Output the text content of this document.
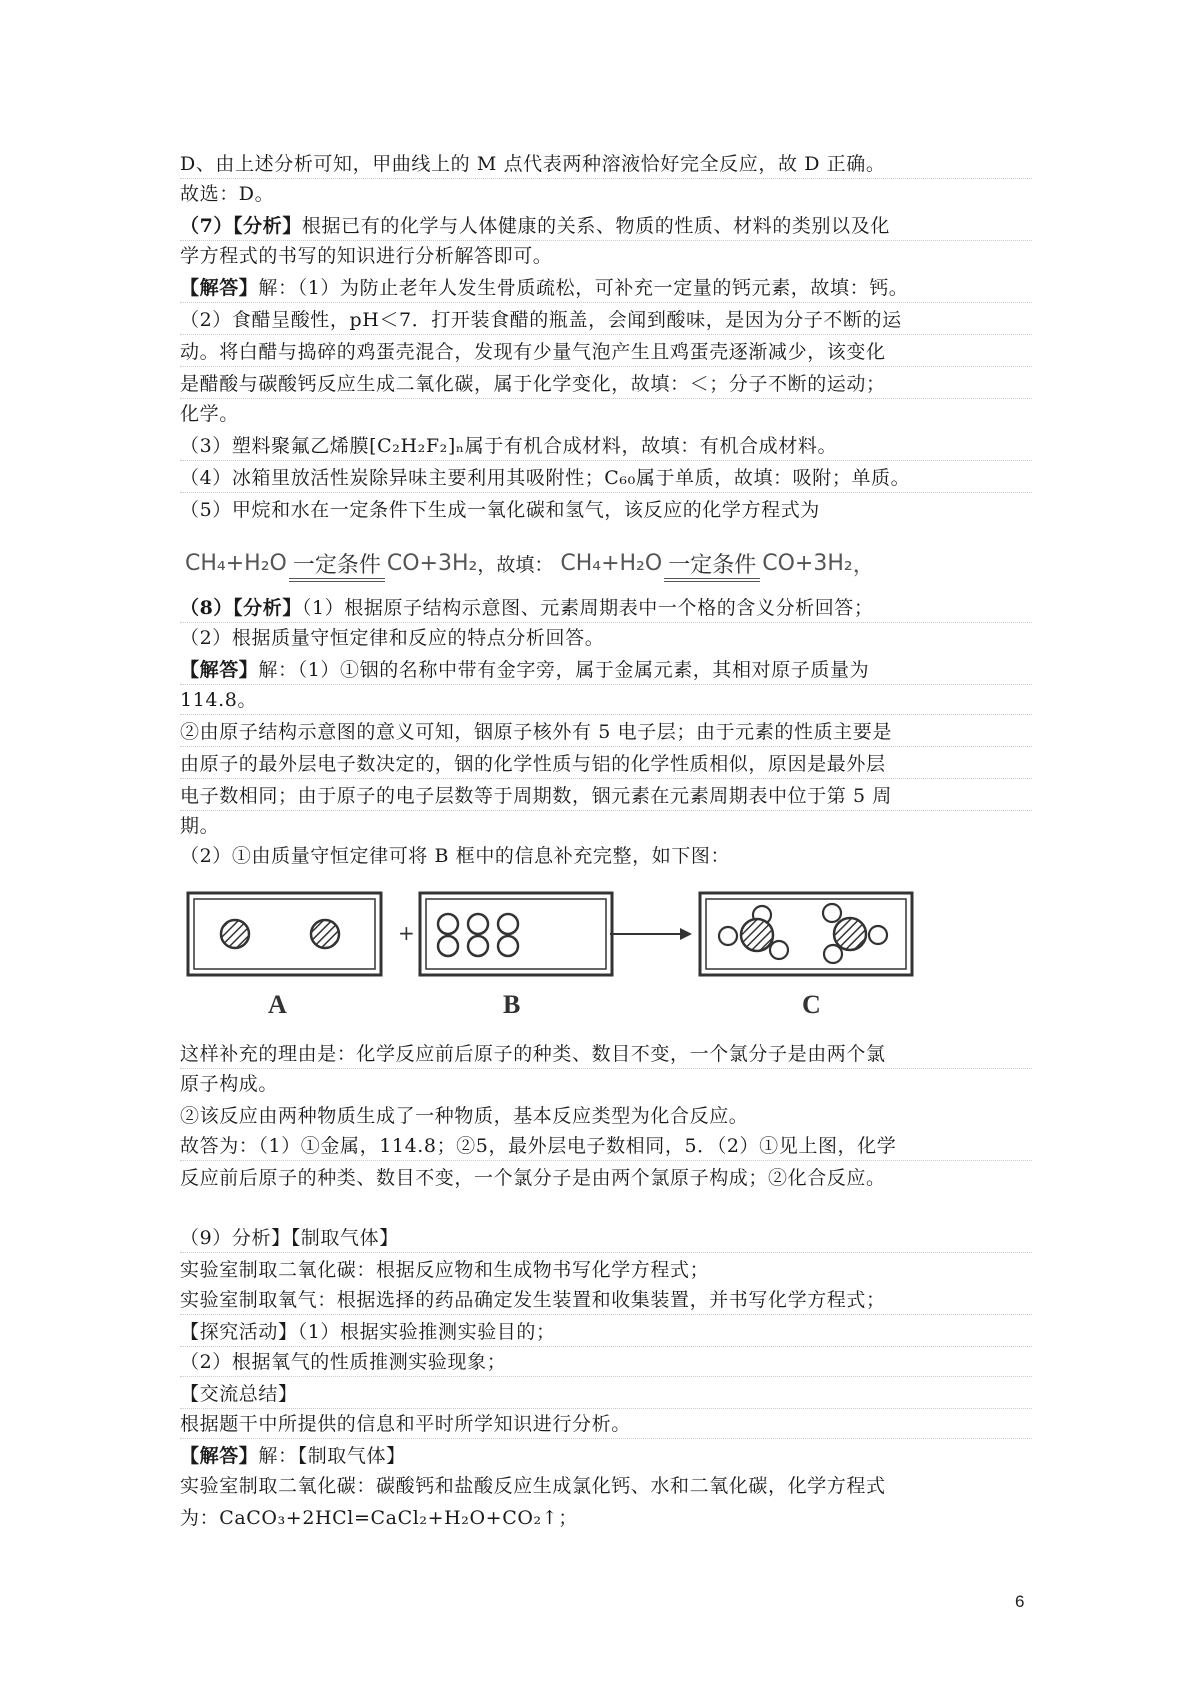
D、由上述分析可知，甲曲线上的 M 点代表两种溶液恰好完全反应，故 D 正确。
故选：D。
（7）【分析】根据已有的化学与人体健康的关系、物质的性质、材料的类别以及化
学方程式的书写的知识进行分析解答即可。
【解答】解：（1）为防止老年人发生骨质疏松，可补充一定量的钙元素，故填：钙。
（2）食醋呈酸性，pH＜7．打开装食醋的瓶盖，会闻到酸味，是因为分子不断的运
动。将白醋与捣碎的鸡蛋壳混合，发现有少量气泡产生且鸡蛋壳逐渐减少，该变化
是醋酸与碳酸钙反应生成二氧化碳，属于化学变化，故填：＜；分子不断的运动；
化学。
（3）塑料聚氟乙烯膜[C₂H₂F₂]ₙ属于有机合成材料，故填：有机合成材料。
（4）冰箱里放活性炭除异味主要利用其吸附性；C₆₀属于单质，故填：吸附；单质。
（5）甲烷和水在一定条件下生成一氧化碳和氢气，该反应的化学方程式为
CH₄+H₂O 一定条件 CO+3H₂，故填： CH₄+H₂O 一定条件 CO+3H₂，
（8）【分析】（1）根据原子结构示意图、元素周期表中一个格的含义分析回答；
（2）根据质量守恒定律和反应的特点分析回答。
【解答】解：（1）①铟的名称中带有金字旁，属于金属元素，其相对原子质量为
114.8。
②由原子结构示意图的意义可知，铟原子核外有 5 电子层；由于元素的性质主要是
由原子的最外层电子数决定的，铟的化学性质与铝的化学性质相似，原因是最外层
电子数相同；由于原子的电子层数等于周期数，铟元素在元素周期表中位于第 5 周
期。
（2）①由质量守恒定律可将 B 框中的信息补充完整，如下图：
+
A	B	C
这样补充的理由是：化学反应前后原子的种类、数目不变，一个氯分子是由两个氯
原子构成。
②该反应由两种物质生成了一种物质，基本反应类型为化合反应。
故答为：（1）①金属，114.8；②5，最外层电子数相同，5．（2）①见上图，化学
反应前后原子的种类、数目不变，一个氯分子是由两个氯原子构成；②化合反应。
（9）分析】【制取气体】
实验室制取二氧化碳：根据反应物和生成物书写化学方程式；
实验室制取氧气：根据选择的药品确定发生装置和收集装置，并书写化学方程式；
【探究活动】（1）根据实验推测实验目的；
（2）根据氧气的性质推测实验现象；
【交流总结】
根据题干中所提供的信息和平时所学知识进行分析。
【解答】解：【制取气体】
实验室制取二氧化碳：碳酸钙和盐酸反应生成氯化钙、水和二氧化碳，化学方程式
为：CaCO₃+2HCl=CaCl₂+H₂O+CO₂↑；
6
